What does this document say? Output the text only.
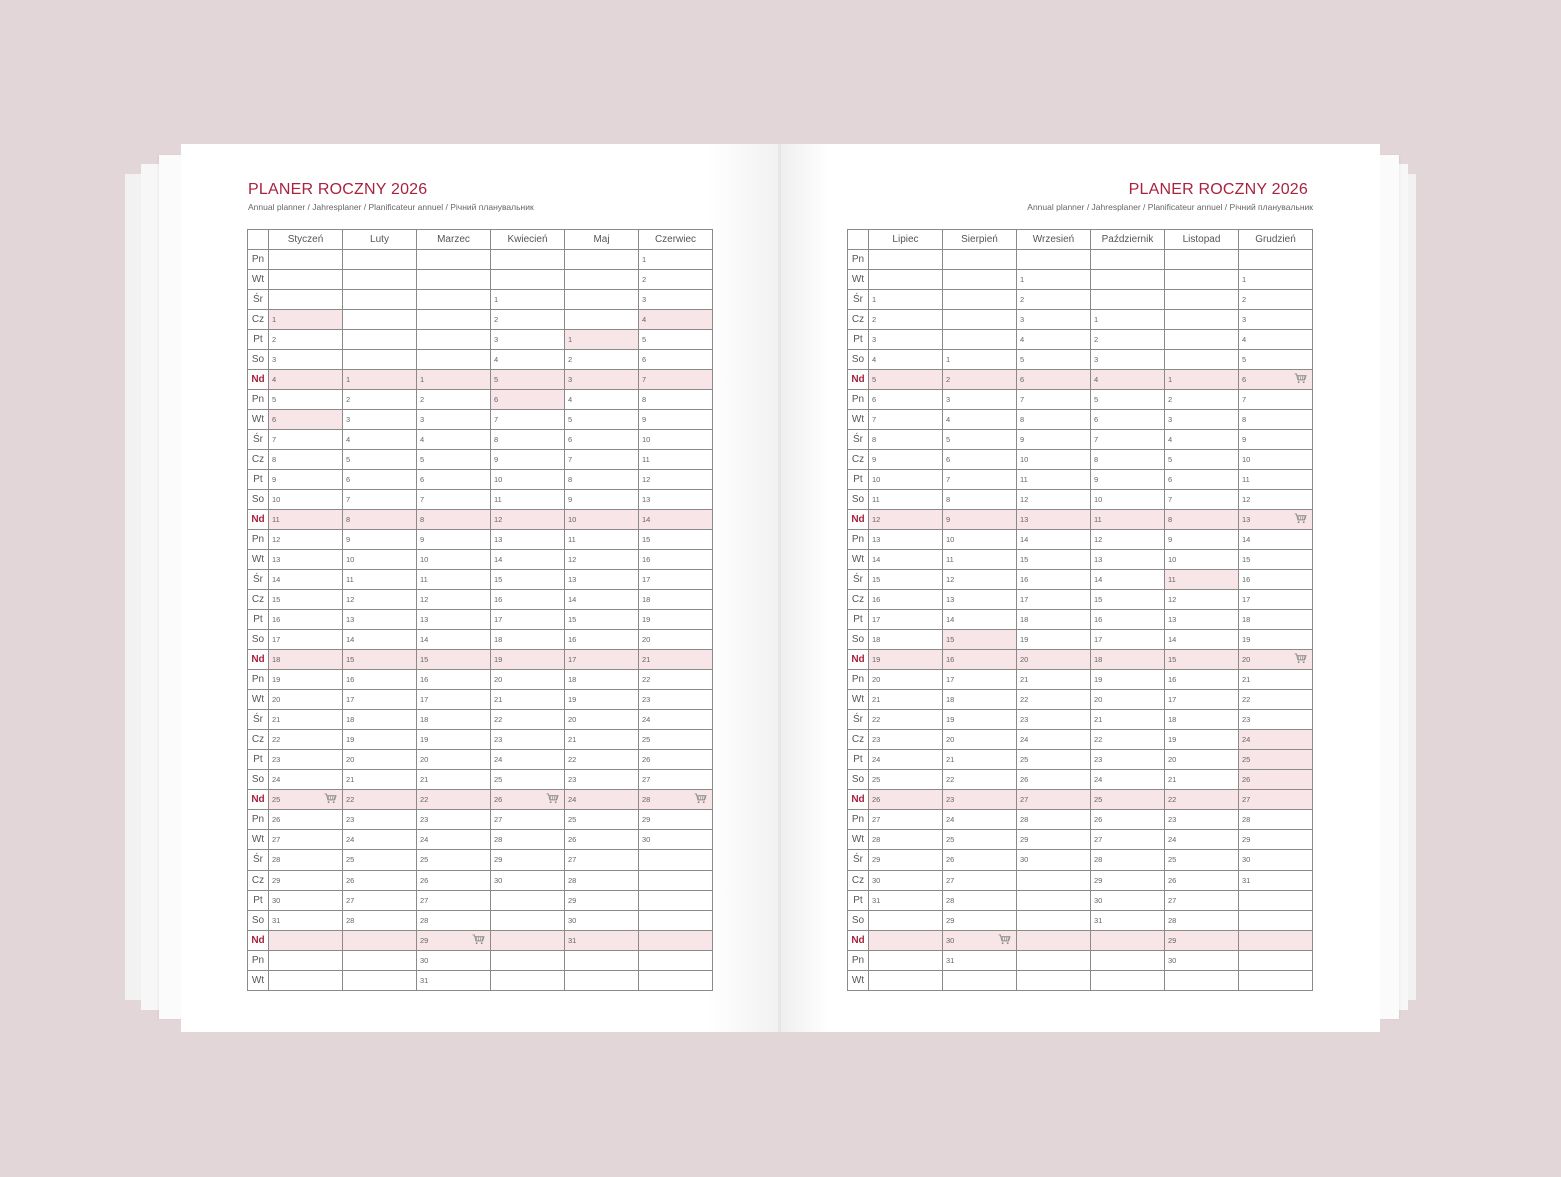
PLANER ROCZNY 2026
Annual planner / Jahresplaner / Planificateur annuel / Річний планувальник
	Styczeń	Luty	Marzec	Kwiecień	Maj	Czerwiec
Pn						1
Wt						2
Śr				1		3
Cz	1			2		4
Pt	2			3	1	5
So	3			4	2	6
Nd	4	1	1	5	3	7
Pn	5	2	2	6	4	8
Wt	6	3	3	7	5	9
Śr	7	4	4	8	6	10
Cz	8	5	5	9	7	11
Pt	9	6	6	10	8	12
So	10	7	7	11	9	13
Nd	11	8	8	12	10	14
Pn	12	9	9	13	11	15
Wt	13	10	10	14	12	16
Śr	14	11	11	15	13	17
Cz	15	12	12	16	14	18
Pt	16	13	13	17	15	19
So	17	14	14	18	16	20
Nd	18	15	15	19	17	21
Pn	19	16	16	20	18	22
Wt	20	17	17	21	19	23
Śr	21	18	18	22	20	24
Cz	22	19	19	23	21	25
Pt	23	20	20	24	22	26
So	24	21	21	25	23	27
Nd	25	22	22	26	24	28

Pn	26	23	23	27	25	29
Wt	27	24	24	28	26	30
Śr	28	25	25	29	27	
Cz	29	26	26	30	28	
Pt	30	27	27		29	
So	31	28	28		30	
Nd			29		31	
Pn			30			
Wt			31			
PLANER ROCZNY 2026
Annual planner / Jahresplaner / Planificateur annuel / Річний планувальник
	Lipiec	Sierpień	Wrzesień	Październik	Listopad	Grudzień
Pn						
Wt			1			1
Śr	1		2			2
Cz	2		3	1		3
Pt	3		4	2		4
So	4	1	5	3		5
Nd	5	2	6	4	1	6

Pn	6	3	7	5	2	7
Wt	7	4	8	6	3	8
Śr	8	5	9	7	4	9
Cz	9	6	10	8	5	10
Pt	10	7	11	9	6	11
So	11	8	12	10	7	12
Nd	12	9	13	11	8	13

Pn	13	10	14	12	9	14
Wt	14	11	15	13	10	15
Śr	15	12	16	14	11	16
Cz	16	13	17	15	12	17
Pt	17	14	18	16	13	18
So	18	15	19	17	14	19
Nd	19	16	20	18	15	20

Pn	20	17	21	19	16	21
Wt	21	18	22	20	17	22
Śr	22	19	23	21	18	23
Cz	23	20	24	22	19	24
Pt	24	21	25	23	20	25
So	25	22	26	24	21	26
Nd	26	23	27	25	22	27
Pn	27	24	28	26	23	28
Wt	28	25	29	27	24	29
Śr	29	26	30	28	25	30
Cz	30	27		29	26	31
Pt	31	28		30	27	
So		29		31	28	
Nd		30			29	
Pn		31			30	
Wt						
